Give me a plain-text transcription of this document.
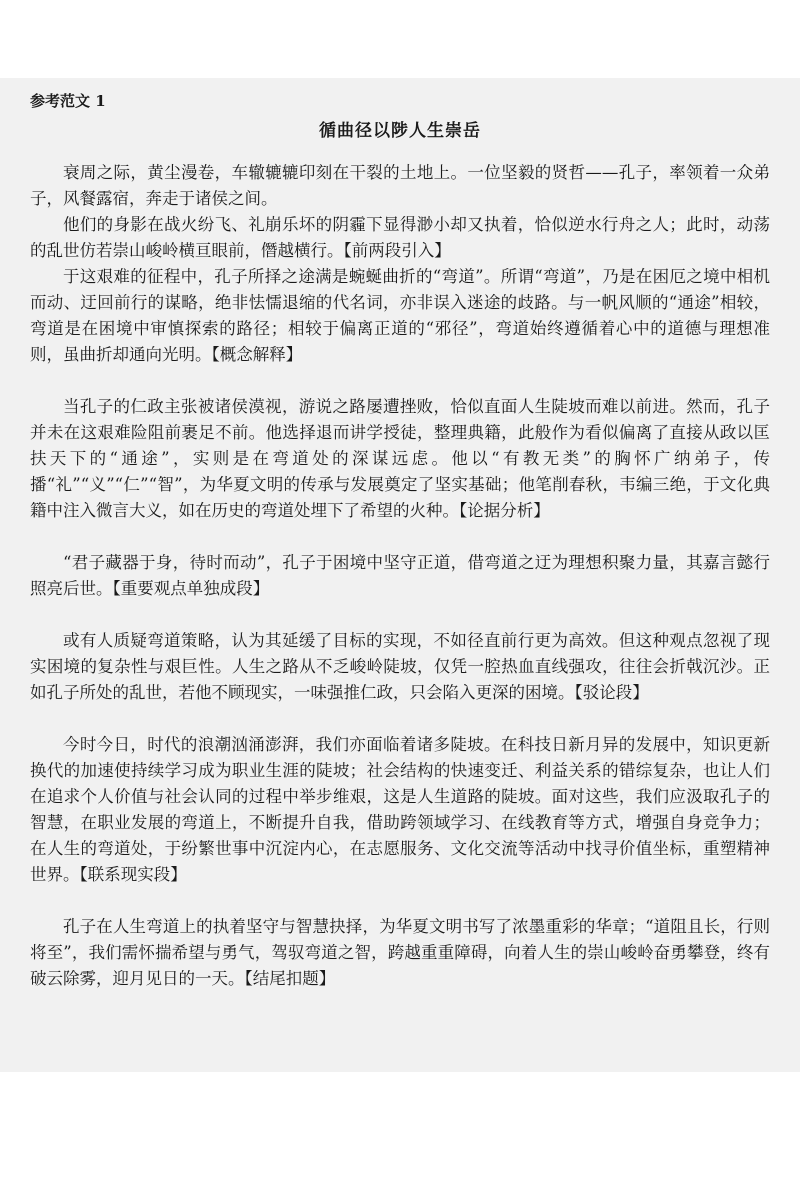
参考范文 1
循曲径以陟人生崇岳

衰周之际，黄尘漫卷，车辙辘辘印刻在干裂的土地上。一位坚毅的贤哲——孔子，率领着一众弟子，风餐露宿，奔走于诸侯之间。

他们的身影在战火纷飞、礼崩乐坏的阴霾下显得渺小却又执着，恰似逆水行舟之人；此时，动荡的乱世仿若崇山峻岭横亘眼前，僭越横行。【前两段引入】

于这艰难的征程中，孔子所择之途满是蜿蜒曲折的“弯道”。所谓“弯道”，乃是在困厄之境中相机而动、迂回前行的谋略，绝非怯懦退缩的代名词，亦非误入迷途的歧路。与一帆风顺的“通途”相较，弯道是在困境中审慎探索的路径；相较于偏离正道的“邪径”，弯道始终遵循着心中的道德与理想准则，虽曲折却通向光明。【概念解释】

当孔子的仁政主张被诸侯漠视，游说之路屡遭挫败，恰似直面人生陡坡而难以前进。然而，孔子并未在这艰难险阻前裹足不前。他选择退而讲学授徒，整理典籍，此般作为看似偏离了直接从政以匡扶天下的“通途”，实则是在弯道处的深谋远虑。他以“有教无类”的胸怀广纳弟子，传播“礼”“义”“仁”“智”，为华夏文明的传承与发展奠定了坚实基础；他笔削春秋，韦编三绝，于文化典籍中注入微言大义，如在历史的弯道处埋下了希望的火种。【论据分析】

“君子藏器于身，待时而动”，孔子于困境中坚守正道，借弯道之迂为理想积聚力量，其嘉言懿行照亮后世。【重要观点单独成段】

或有人质疑弯道策略，认为其延缓了目标的实现，不如径直前行更为高效。但这种观点忽视了现实困境的复杂性与艰巨性。人生之路从不乏峻岭陡坡，仅凭一腔热血直线强攻，往往会折戟沉沙。正如孔子所处的乱世，若他不顾现实，一味强推仁政，只会陷入更深的困境。【驳论段】

今时今日，时代的浪潮汹涌澎湃，我们亦面临着诸多陡坡。在科技日新月异的发展中，知识更新换代的加速使持续学习成为职业生涯的陡坡；社会结构的快速变迁、利益关系的错综复杂，也让人们在追求个人价值与社会认同的过程中举步维艰，这是人生道路的陡坡。面对这些，我们应汲取孔子的智慧，在职业发展的弯道上，不断提升自我，借助跨领域学习、在线教育等方式，增强自身竞争力；在人生的弯道处，于纷繁世事中沉淀内心，在志愿服务、文化交流等活动中找寻价值坐标，重塑精神世界。【联系现实段】

孔子在人生弯道上的执着坚守与智慧抉择，为华夏文明书写了浓墨重彩的华章；“道阻且长，行则将至”，我们需怀揣希望与勇气，驾驭弯道之智，跨越重重障碍，向着人生的崇山峻岭奋勇攀登，终有破云除雾，迎月见日的一天。【结尾扣题】
